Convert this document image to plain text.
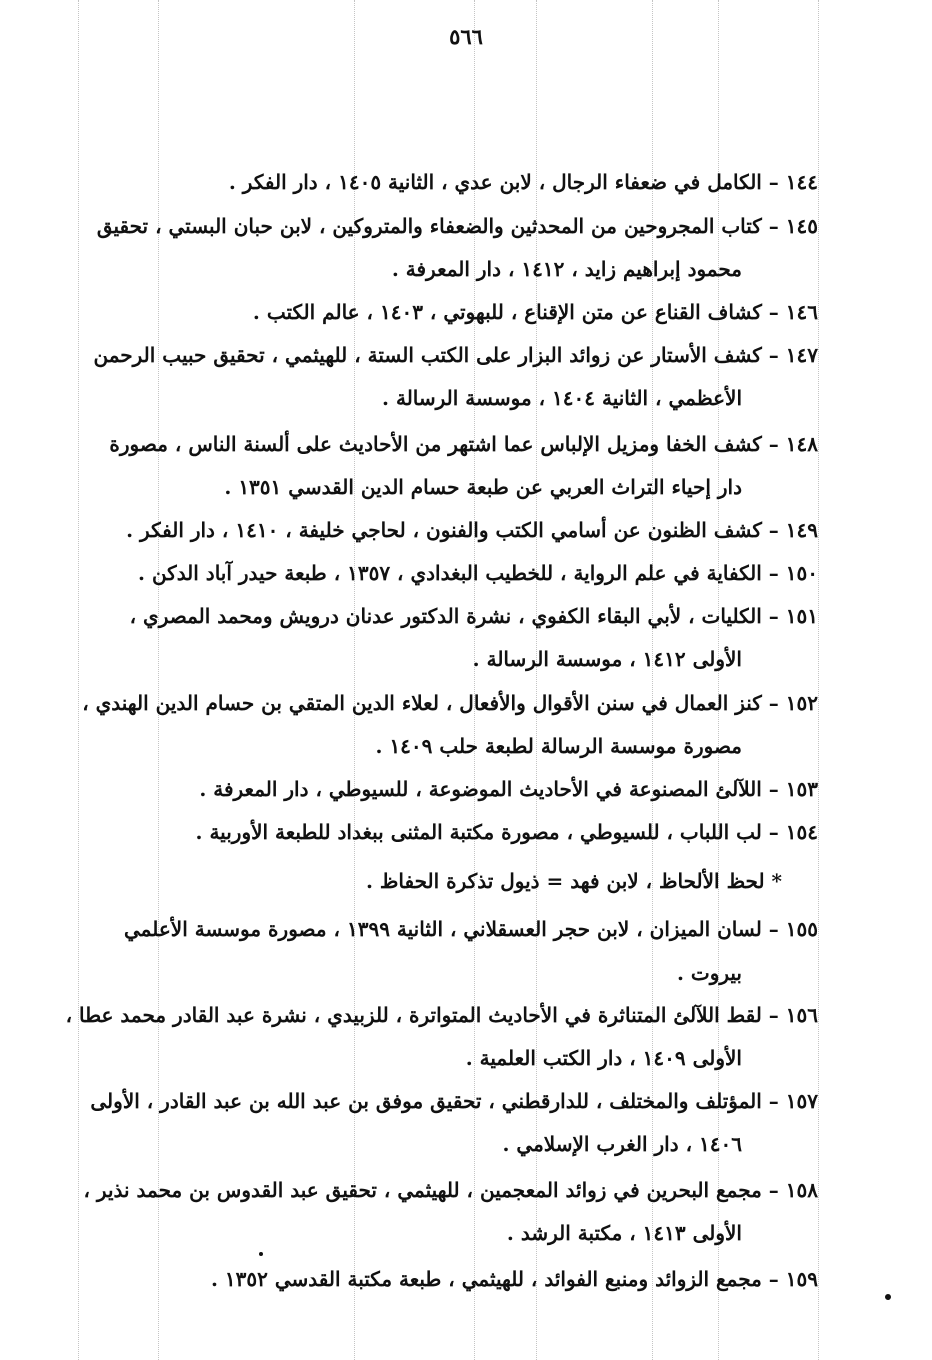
٥٦٦
١٤٤ – الكامل في ضعفاء الرجال ، لابن عدي ، الثانية ١٤٠٥ ، دار الفكر .
١٤٥ – كتاب المجروحين من المحدثين والضعفاء والمتروكين ، لابن حبان البستي ، تحقيق
محمود إبراهيم زايد ، ١٤١٢ ، دار المعرفة .
١٤٦ – كشاف القناع عن متن الإقناع ، للبهوتي ، ١٤٠٣ ، عالم الكتب .
١٤٧ – كشف الأستار عن زوائد البزار على الكتب الستة ، للهيثمي ، تحقيق حبيب الرحمن
الأعظمي ، الثانية ١٤٠٤ ، موسسة الرسالة .
١٤٨ – كشف الخفا ومزيل الإلباس عما اشتهر من الأحاديث على ألسنة الناس ، مصورة
دار إحياء التراث العربي عن طبعة حسام الدين القدسي ١٣٥١ .
١٤٩ – كشف الظنون عن أسامي الكتب والفنون ، لحاجي خليفة ، ١٤١٠ ، دار الفكر .
١٥٠ – الكفاية في علم الرواية ، للخطيب البغدادي ، ١٣٥٧ ، طبعة حيدر آباد الدكن .
١٥١ – الكليات ، لأبي البقاء الكفوي ، نشرة الدكتور عدنان درويش ومحمد المصري ،
الأولى ١٤١٢ ، موسسة الرسالة .
١٥٢ – كنز العمال في سنن الأقوال والأفعال ، لعلاء الدين المتقي بن حسام الدين الهندي ،
مصورة موسسة الرسالة لطبعة حلب ١٤٠٩ .
١٥٣ – اللآلئ المصنوعة في الأحاديث الموضوعة ، للسيوطي ، دار المعرفة .
١٥٤ – لب اللباب ، للسيوطي ، مصورة مكتبة المثنى ببغداد للطبعة الأوربية .
* لحظ الألحاظ ، لابن فهد = ذيول تذكرة الحفاظ .
١٥٥ – لسان الميزان ، لابن حجر العسقلاني ، الثانية ١٣٩٩ ، مصورة موسسة الأعلمي
بيروت .
١٥٦ – لقط اللآلئ المتناثرة في الأحاديث المتواترة ، للزبيدي ، نشرة عبد القادر محمد عطا ،
الأولى ١٤٠٩ ، دار الكتب العلمية .
١٥٧ – المؤتلف والمختلف ، للدارقطني ، تحقيق موفق بن عبد الله بن عبد القادر ، الأولى
١٤٠٦ ، دار الغرب الإسلامي .
١٥٨ – مجمع البحرين في زوائد المعجمين ، للهيثمي ، تحقيق عبد القدوس بن محمد نذير ،
الأولى ١٤١٣ ، مكتبة الرشد .
١٥٩ – مجمع الزوائد ومنبع الفوائد ، للهيثمي ، طبعة مكتبة القدسي ١٣٥٢ .
